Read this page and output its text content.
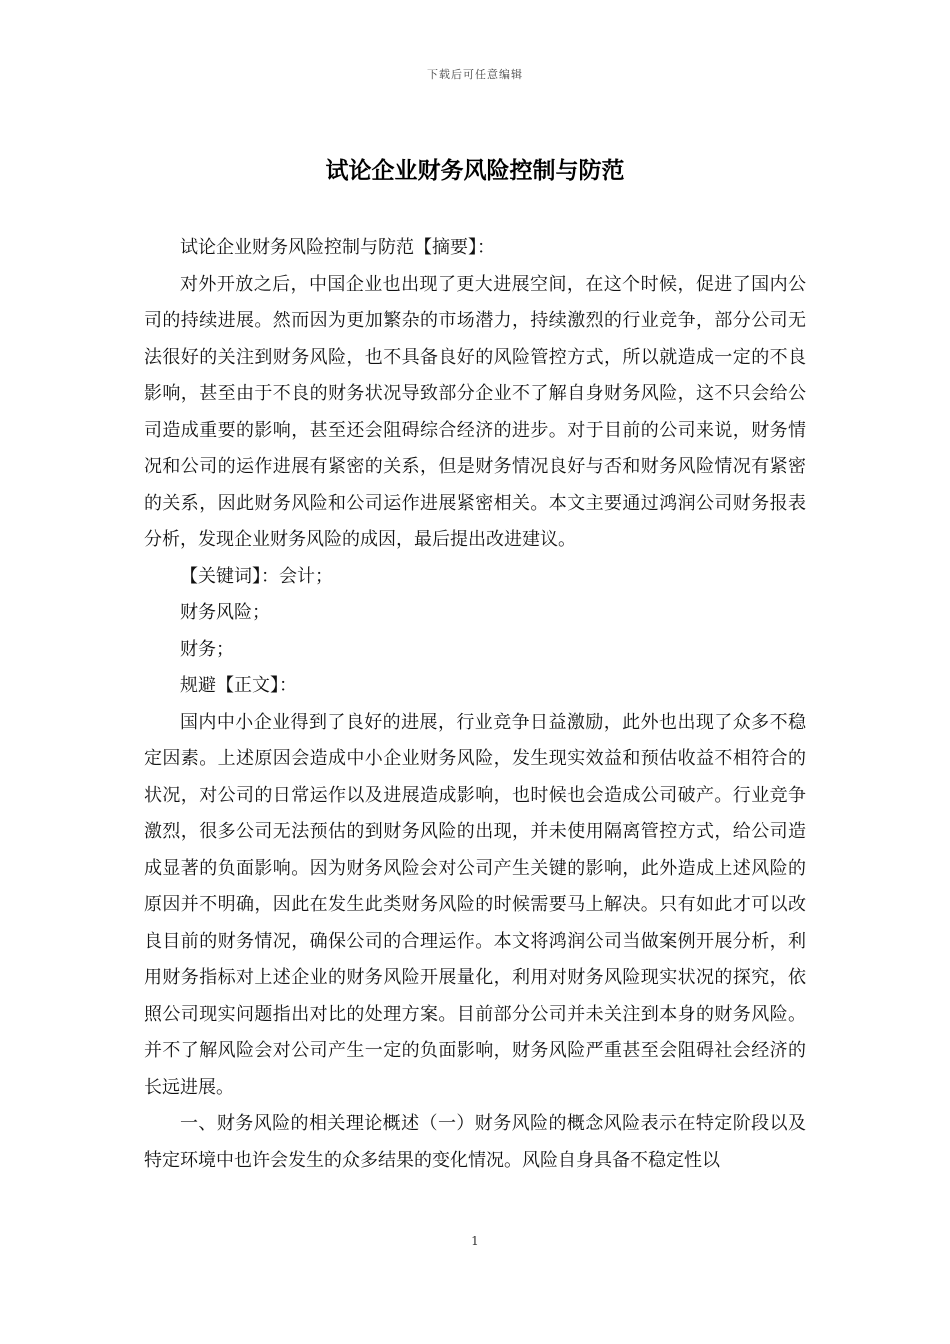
下载后可任意编辑
试论企业财务风险控制与防范

试论企业财务风险控制与防范【摘要】：

对外开放之后，中国企业也出现了更大进展空间，在这个时候，促进了国内公司的持续进展。然而因为更加繁杂的市场潜力，持续激烈的行业竞争，部分公司无法很好的关注到财务风险，也不具备良好的风险管控方式，所以就造成一定的不良影响，甚至由于不良的财务状况导致部分企业不了解自身财务风险，这不只会给公司造成重要的影响，甚至还会阻碍综合经济的进步。对于目前的公司来说，财务情况和公司的运作进展有紧密的关系，但是财务情况良好与否和财务风险情况有紧密的关系，因此财务风险和公司运作进展紧密相关。本文主要通过鸿润公司财务报表分析，发现企业财务风险的成因，最后提出改进建议。

【关键词】：会计；

财务风险；

财务；

规避【正文】：

国内中小企业得到了良好的进展，行业竞争日益激励，此外也出现了众多不稳定因素。上述原因会造成中小企业财务风险，发生现实效益和预估收益不相符合的状况，对公司的日常运作以及进展造成影响，也时候也会造成公司破产。行业竞争激烈，很多公司无法预估的到财务风险的出现，并未使用隔离管控方式，给公司造成显著的负面影响。因为财务风险会对公司产生关键的影响，此外造成上述风险的原因并不明确，因此在发生此类财务风险的时候需要马上解决。只有如此才可以改良目前的财务情况，确保公司的合理运作。本文将鸿润公司当做案例开展分析，利用财务指标对上述企业的财务风险开展量化，利用对财务风险现实状况的探究，依照公司现实问题指出对比的处理方案。目前部分公司并未关注到本身的财务风险。并不了解风险会对公司产生一定的负面影响，财务风险严重甚至会阻碍社会经济的长远进展。

一、财务风险的相关理论概述（一）财务风险的概念风险表示在特定阶段以及特定环境中也许会发生的众多结果的变化情况。风险自身具备不稳定性以

1
